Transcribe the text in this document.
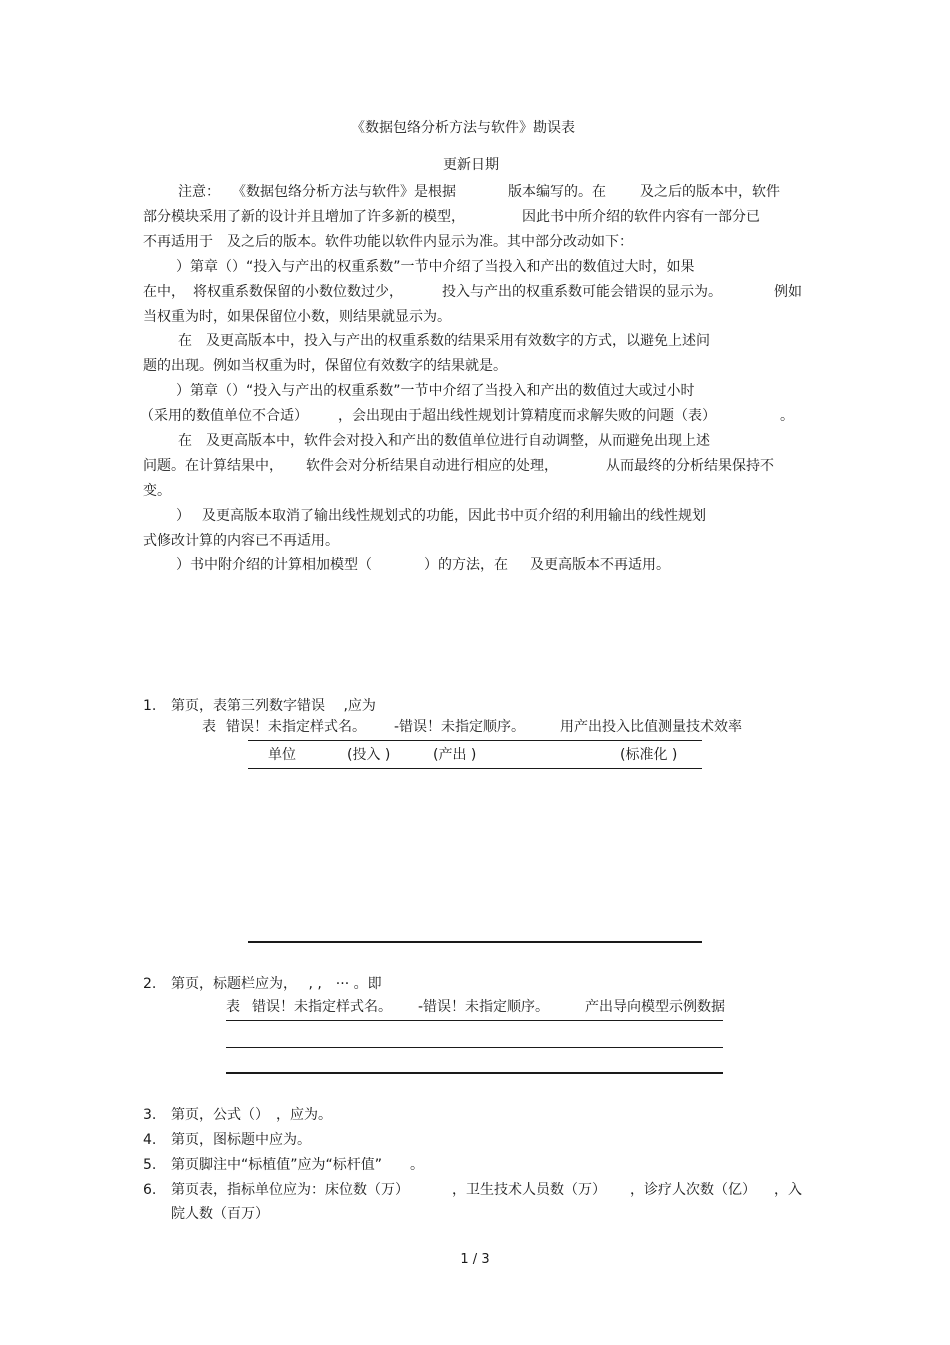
《数据包络分析方法与软件》勘误表
更新日期
注意： 《数据包络分析方法与软件》是根据	版本编写的。在 及之后的版本中，软件
部分模块采用了新的设计并且增加了许多新的模型，	因此书中所介绍的软件内容有一部分已
不再适用于　及之后的版本。软件功能以软件内显示为准。其中部分改动如下：
）第章（）“投入与产出的权重系数”一节中介绍了当投入和产出的数值过大时，如果
在中， 将权重系数保留的小数位数过少，	投入与产出的权重系数可能会错误的显示为。	例如
当权重为时，如果保留位小数，则结果就显示为。
在　及更高版本中，投入与产出的权重系数的结果采用有效数字的方式，以避免上述问
题的出现。例如当权重为时，保留位有效数字的结果就是。
）第章（）“投入与产出的权重系数”一节中介绍了当投入和产出的数值过大或过小时
（采用的数值单位不合适） ，会出现由于超出线性规划计算精度而求解失败的问题（表）	。
在　及更高版本中，软件会对投入和产出的数值单位进行自动调整，从而避免出现上述
问题。在计算结果中， 软件会对分析结果自动进行相应的处理，	从而最终的分析结果保持不
变。
） 及更高版本取消了输出线性规划式的功能，因此书中页介绍的利用输出的线性规划
式修改计算的内容已不再适用。
）书中附介绍的计算相加模型（	）的方法，在 及更高版本不再适用。
1. 第页，表第三列数字错误　 ,应为
表 错误！未指定样式名。 -错误！未指定顺序。 用产出投入比值测量技术效率
单位	(投入 )	(产出 )	(标准化 )
2. 第页，标题栏应为，　 , ,　··· 。即
表 错误！未指定样式名。 -错误！未指定顺序。	产出导向模型示例数据
3. 第页，公式（）　，应为。
4. 第页，图标题中应为。
5. 第页脚注中“标植值”应为“标杆值”　　。
6. 第页表，指标单位应为：床位数（万）	，卫生技术人员数（万） ，诊疗人次数（亿） ，入
院人数（百万）
1 / 3
